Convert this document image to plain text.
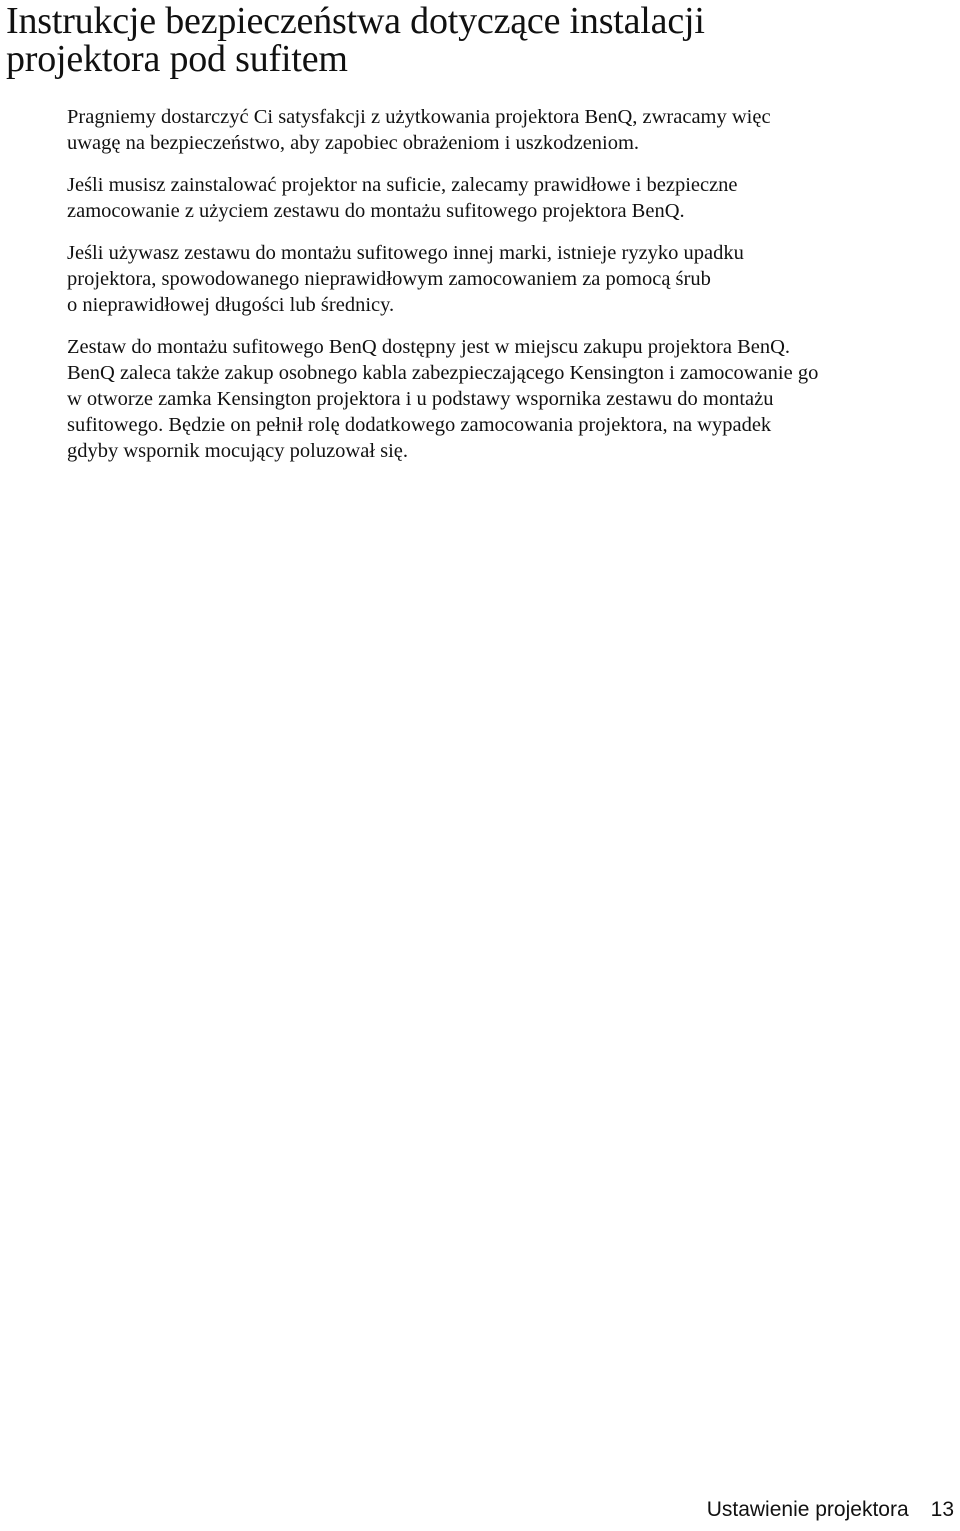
Instrukcje bezpieczeństwa dotyczące instalacji
projektora pod sufitem

Pragniemy dostarczyć Ci satysfakcji z użytkowania projektora BenQ, zwracamy więc
uwagę na bezpieczeństwo, aby zapobiec obrażeniom i uszkodzeniom.

Jeśli musisz zainstalować projektor na suficie, zalecamy prawidłowe i bezpieczne
zamocowanie z użyciem zestawu do montażu sufitowego projektora BenQ.

Jeśli używasz zestawu do montażu sufitowego innej marki, istnieje ryzyko upadku
projektora, spowodowanego nieprawidłowym zamocowaniem za pomocą śrub
o nieprawidłowej długości lub średnicy.

Zestaw do montażu sufitowego BenQ dostępny jest w miejscu zakupu projektora BenQ.
BenQ zaleca także zakup osobnego kabla zabezpieczającego Kensington i zamocowanie go
w otworze zamka Kensington projektora i u podstawy wspornika zestawu do montażu
sufitowego. Będzie on pełnił rolę dodatkowego zamocowania projektora, na wypadek
gdyby wspornik mocujący poluzował się.

Ustawienie projektora 13
